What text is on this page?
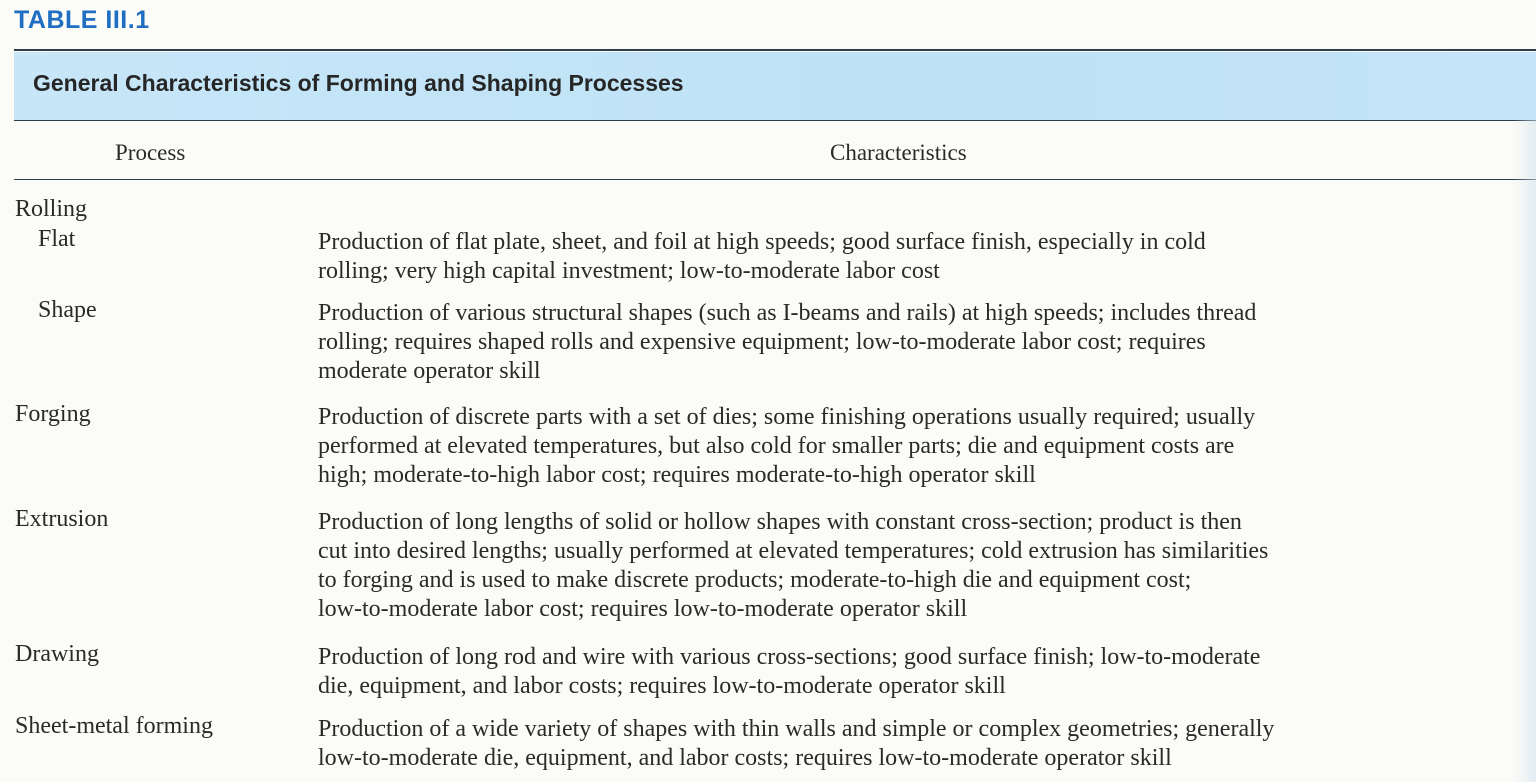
TABLE III.1
General Characteristics of Forming and Shaping Processes
Process	Characteristics
Rolling
Flat	Production of flat plate, sheet, and foil at high speeds; good surface finish, especially in cold
rolling; very high capital investment; low-to-moderate labor cost
Shape	Production of various structural shapes (such as I-beams and rails) at high speeds; includes thread
rolling; requires shaped rolls and expensive equipment; low-to-moderate labor cost; requires
moderate operator skill
Forging	Production of discrete parts with a set of dies; some finishing operations usually required; usually
performed at elevated temperatures, but also cold for smaller parts; die and equipment costs are
high; moderate-to-high labor cost; requires moderate-to-high operator skill
Extrusion	Production of long lengths of solid or hollow shapes with constant cross-section; product is then
cut into desired lengths; usually performed at elevated temperatures; cold extrusion has similarities
to forging and is used to make discrete products; moderate-to-high die and equipment cost;
low-to-moderate labor cost; requires low-to-moderate operator skill
Drawing	Production of long rod and wire with various cross-sections; good surface finish; low-to-moderate
die, equipment, and labor costs; requires low-to-moderate operator skill
Sheet-metal forming	Production of a wide variety of shapes with thin walls and simple or complex geometries; generally
low-to-moderate die, equipment, and labor costs; requires low-to-moderate operator skill
